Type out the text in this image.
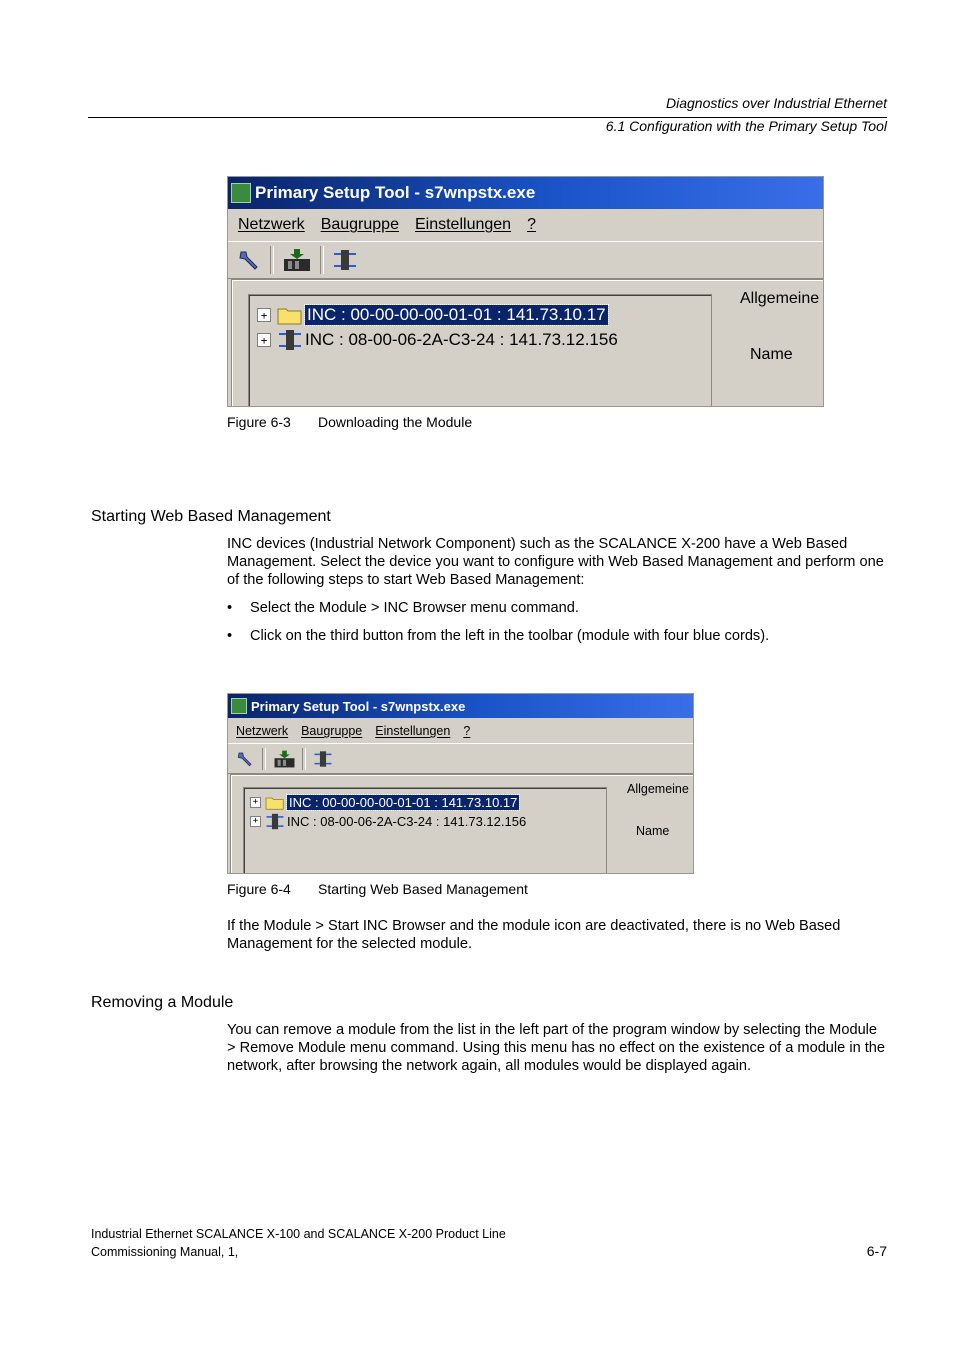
Diagnostics over Industrial Ethernet
6.1 Configuration with the Primary Setup Tool
Primary Setup Tool - s7wnpstx.exe
Netzwerk Baugruppe Einstellungen ?
+ INC : 00-00-00-00-01-01 : 141.73.10.17
+ INC : 08-00-06-2A-C3-24 : 141.73.12.156
Allgemeine
Name
Figure 6-3 Downloading the Module
Starting Web Based Management
INC devices (Industrial Network Component) such as the SCALANCE X-200 have a Web Based Management. Select the device you want to configure with Web Based Management and perform one of the following steps to start Web Based Management:
•	Select the Module > INC Browser menu command.
•	Click on the third button from the left in the toolbar (module with four blue cords).
Primary Setup Tool - s7wnpstx.exe
Netzwerk Baugruppe Einstellungen ?
+ INC : 00-00-00-00-01-01 : 141.73.10.17
+ INC : 08-00-06-2A-C3-24 : 141.73.12.156
Allgemeine
Name
Figure 6-4 Starting Web Based Management
If the Module > Start INC Browser and the module icon are deactivated, there is no Web Based Management for the selected module.
Removing a Module
You can remove a module from the list in the left part of the program window by selecting the Module > Remove Module menu command. Using this menu has no effect on the existence of a module in the network, after browsing the network again, all modules would be displayed again.
Industrial Ethernet SCALANCE X-100 and SCALANCE X-200 Product Line
Commissioning Manual, 1,	6-7
